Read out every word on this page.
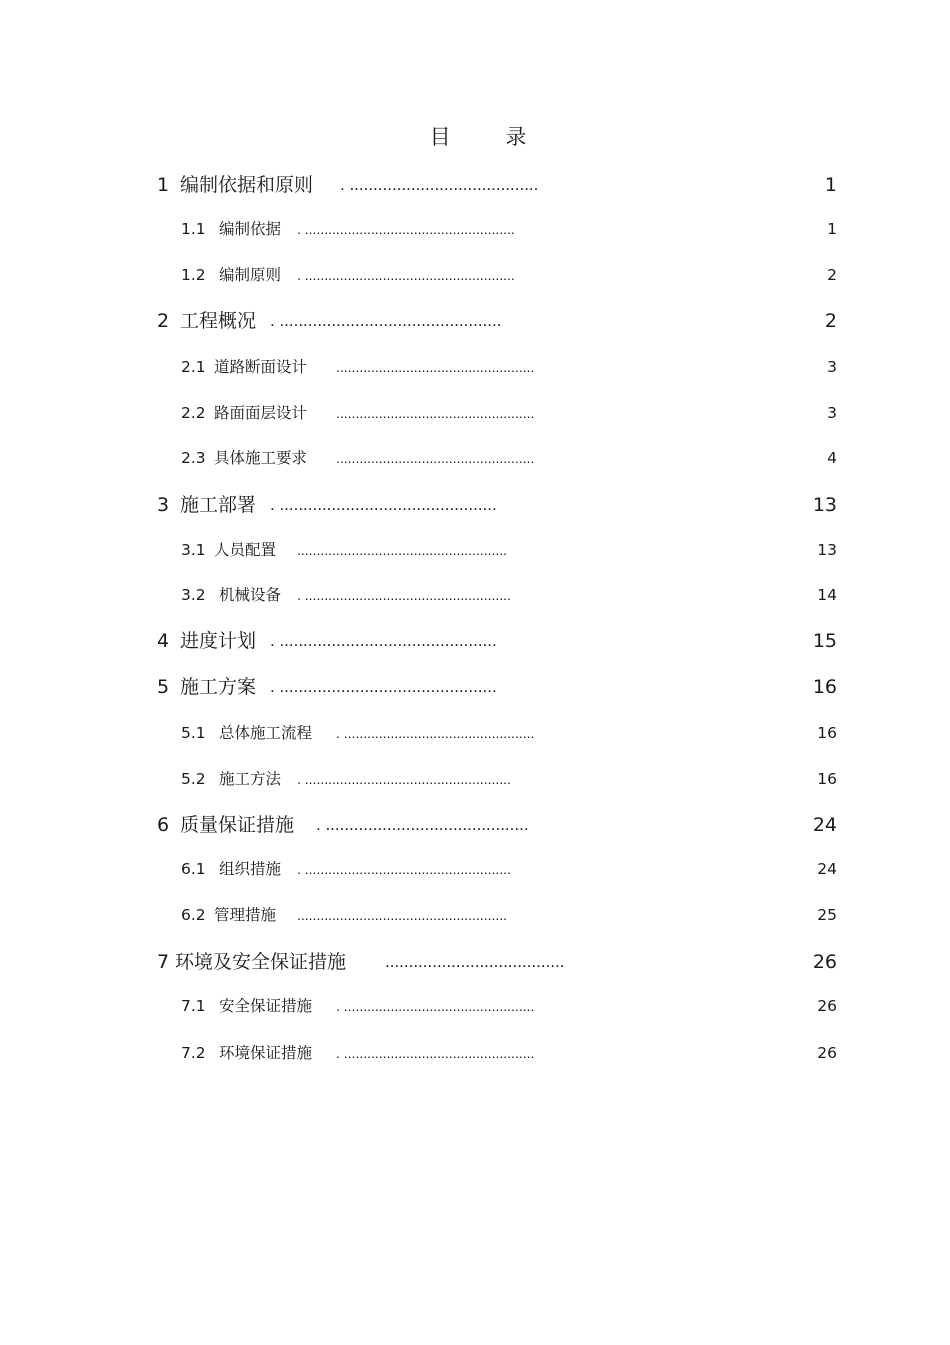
目 录
1 编制依据和原则 . ........................................	1
1.1 编制依据 . ......................................................	1
1.2 编制原则 . ......................................................	2
2 工程概况 . ...............................................	2
2.1 道路断面设计 ...................................................	3
2.2 路面面层设计 ...................................................	3
2.3 具体施工要求 ...................................................	4
3 施工部署 . ..............................................	13
3.1 人员配置 ......................................................	13
3.2 机械设备 . .....................................................	14
4 进度计划 . ..............................................	15
5 施工方案 . ..............................................	16
5.1 总体施工流程 . .................................................	16
5.2 施工方法 . .....................................................	16
6 质量保证措施 . ...........................................	24
6.1 组织措施 . .....................................................	24
6.2 管理措施 ......................................................	25
7 环境及安全保证措施 ......................................	26
7.1 安全保证措施 . .................................................	26
7.2 环境保证措施 . .................................................	26
